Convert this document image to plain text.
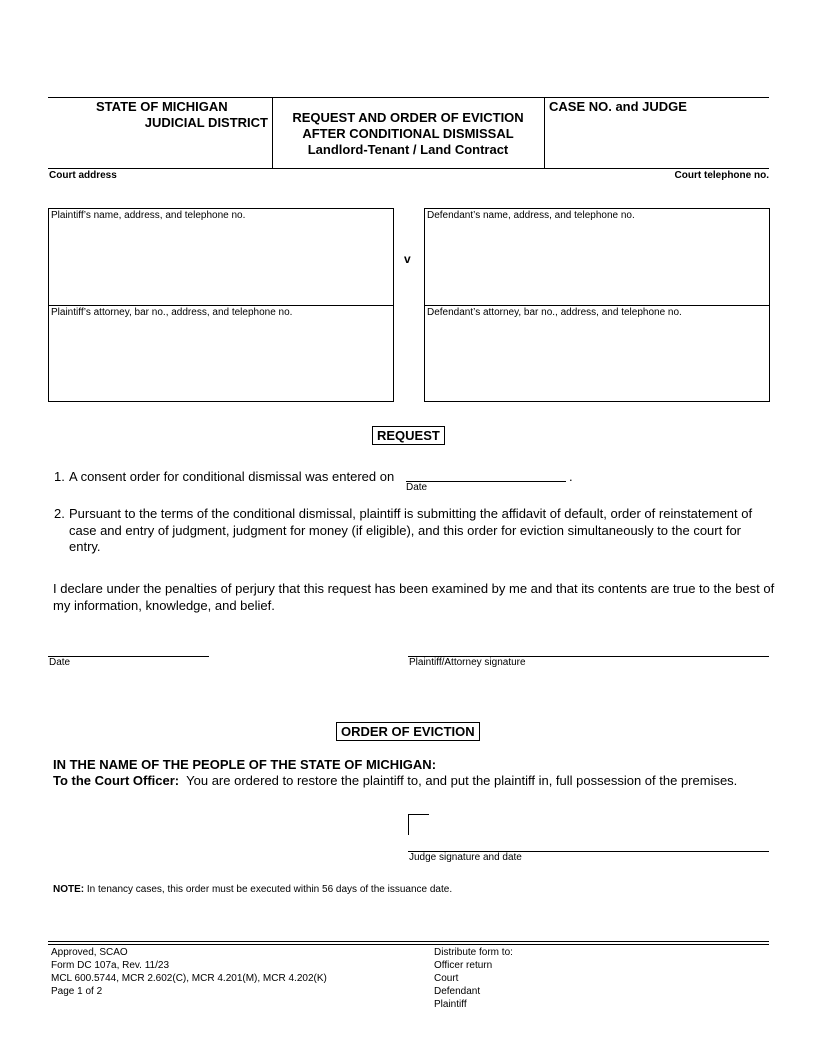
STATE OF MICHIGAN
JUDICIAL DISTRICT	REQUEST AND ORDER OF EVICTION
AFTER CONDITIONAL DISMISSAL
Landlord-Tenant / Land Contract
CASE NO. and JUDGE
Court address	Court telephone no.
Plaintiff’s name, address, and telephone no.
Plaintiff’s attorney, bar no., address, and telephone no.
v
Defendant’s name, address, and telephone no.
Defendant’s attorney, bar no., address, and telephone no.
REQUEST
1. A consent order for conditional dismissal was entered on	.
Date
2. Pursuant to the terms of the conditional dismissal, plaintiff is submitting the affidavit of default, order of reinstatement of case and entry of judgment, judgment for money (if eligible), and this order for eviction simultaneously to the court for entry.
I declare under the penalties of perjury that this request has been examined by me and that its contents are true to the best of my information, knowledge, and belief.
Date	Plaintiff/Attorney signature
ORDER OF EVICTION
IN THE NAME OF THE PEOPLE OF THE STATE OF MICHIGAN:
To the Court Officer: You are ordered to restore the plaintiff to, and put the plaintiff in, full possession of the premises.
Judge signature and date
NOTE: In tenancy cases, this order must be executed within 56 days of the issuance date.
Approved, SCAO
Form DC 107a, Rev. 11/23
MCL 600.5744, MCR 2.602(C), MCR 4.201(M), MCR 4.202(K)
Page 1 of 2
Distribute form to:
Officer return
Court
Defendant
Plaintiff
